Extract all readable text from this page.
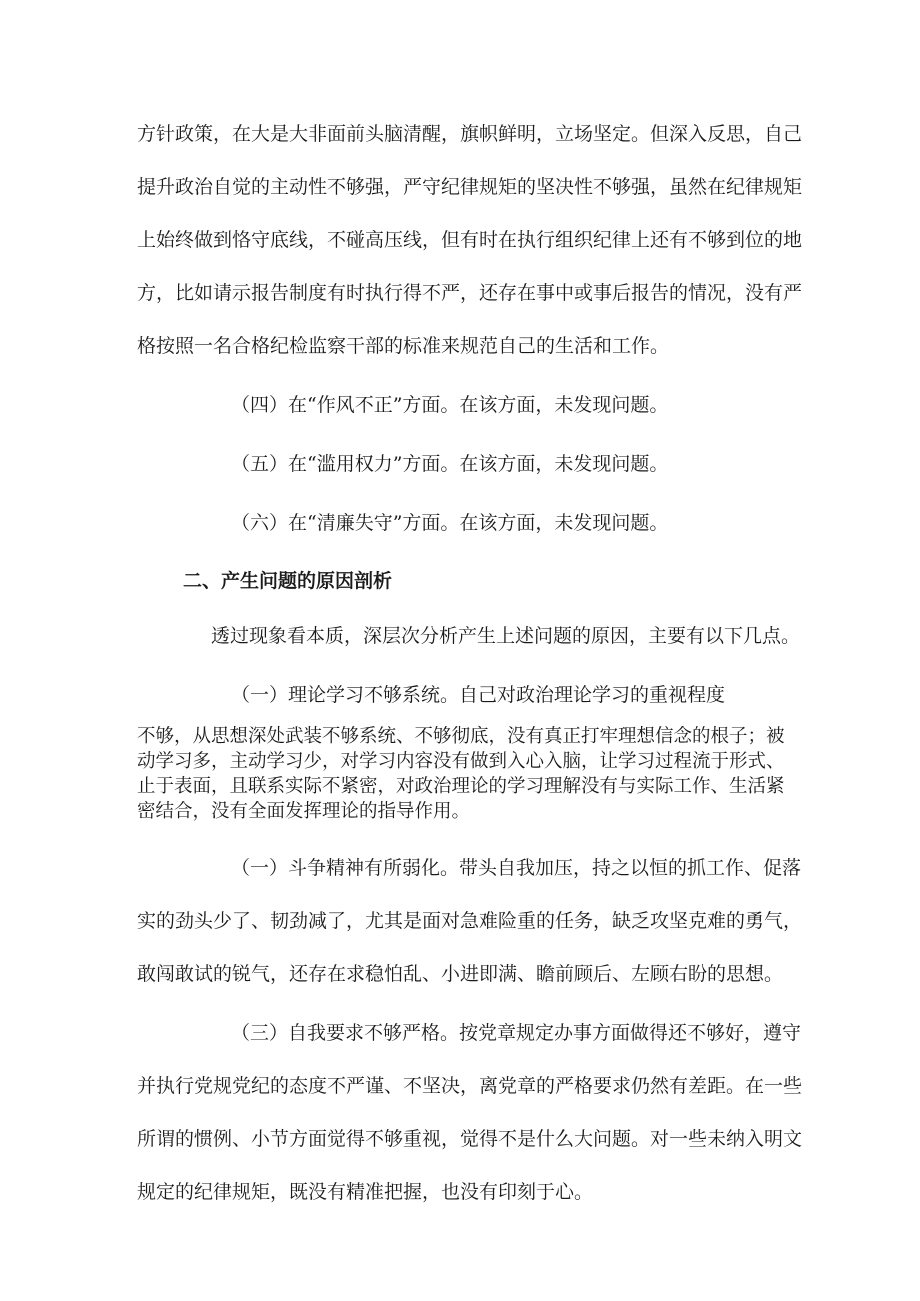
方针政策，在大是大非面前头脑清醒，旗帜鲜明，立场坚定。但深入反思，自己
提升政治自觉的主动性不够强，严守纪律规矩的坚决性不够强，虽然在纪律规矩
上始终做到恪守底线，不碰高压线，但有时在执行组织纪律上还有不够到位的地
方，比如请示报告制度有时执行得不严，还存在事中或事后报告的情况，没有严
格按照一名合格纪检监察干部的标准来规范自己的生活和工作。
（四）在“作风不正”方面。在该方面，未发现问题。
（五）在“滥用权力”方面。在该方面，未发现问题。
（六）在“清廉失守”方面。在该方面，未发现问题。
二、产生问题的原因剖析
透过现象看本质，深层次分析产生上述问题的原因，主要有以下几点。
（一）理论学习不够系统。自己对政治理论学习的重视程度
不够，从思想深处武装不够系统、不够彻底，没有真正打牢理想信念的根子；被
动学习多，主动学习少，对学习内容没有做到入心入脑，让学习过程流于形式、
止于表面，且联系实际不紧密，对政治理论的学习理解没有与实际工作、生活紧
密结合，没有全面发挥理论的指导作用。
（一）斗争精神有所弱化。带头自我加压，持之以恒的抓工作、促落
实的劲头少了、韧劲减了，尤其是面对急难险重的任务，缺乏攻坚克难的勇气，
敢闯敢试的锐气，还存在求稳怕乱、小进即满、瞻前顾后、左顾右盼的思想。
（三）自我要求不够严格。按党章规定办事方面做得还不够好，遵守
并执行党规党纪的态度不严谨、不坚决，离党章的严格要求仍然有差距。在一些
所谓的惯例、小节方面觉得不够重视，觉得不是什么大问题。对一些未纳入明文
规定的纪律规矩，既没有精准把握，也没有印刻于心。
